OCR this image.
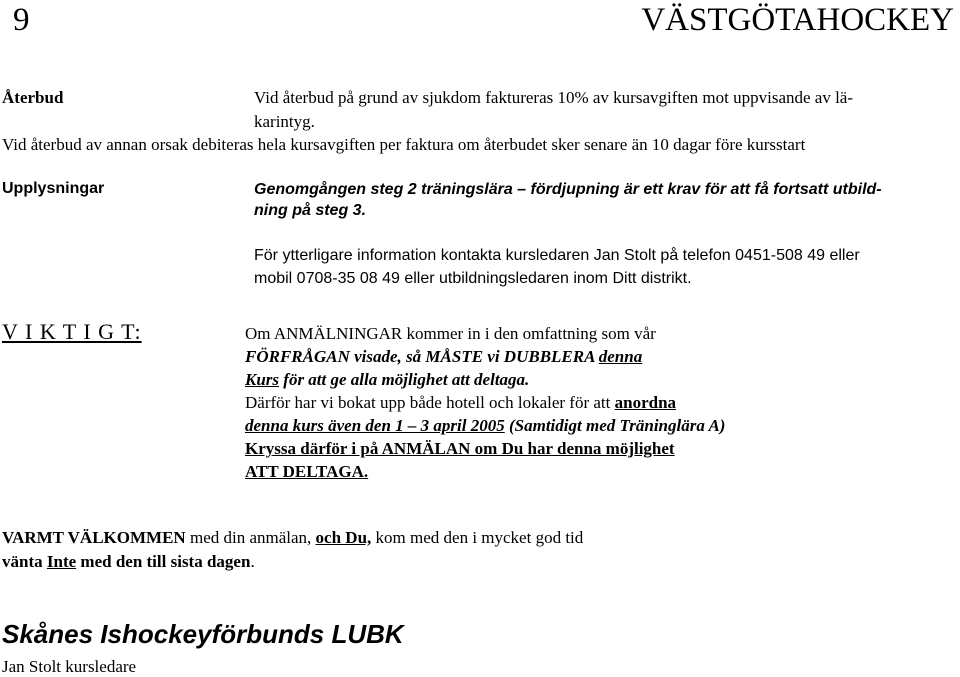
9	VÄSTGÖTAHOCKEY
Återbud	Vid återbud på grund av sjukdom faktureras 10% av kursavgiften mot uppvisande av lä-
karintyg.
Vid återbud av annan orsak debiteras hela kursavgiften per faktura om återbudet sker senare än 10 dagar före kursstart
Upplysningar	Genomgången steg 2 träningslära – fördjupning är ett krav för att få fortsatt utbild-
ning på steg 3.
För ytterligare information kontakta kursledaren Jan Stolt på telefon 0451-508 49 eller
mobil 0708-35 08 49 eller utbildningsledaren inom Ditt distrikt.
V I K T I G T:	Om ANMÄLNINGAR kommer in i den omfattning som vår
FÖRFRÅGAN visade, så MÅSTE vi DUBBLERA denna
Kurs för att ge alla möjlighet att deltaga.
Därför har vi bokat upp både hotell och lokaler för att anordna
denna kurs även den 1 – 3 april 2005 (Samtidigt med Träninglära A)
Kryssa därför i på ANMÄLAN om Du har denna möjlighet
ATT DELTAGA.
VARMT VÄLKOMMEN med din anmälan, och Du, kom med den i mycket god tid
vänta Inte med den till sista dagen.
Skånes Ishockeyförbunds LUBK
Jan Stolt kursledare
